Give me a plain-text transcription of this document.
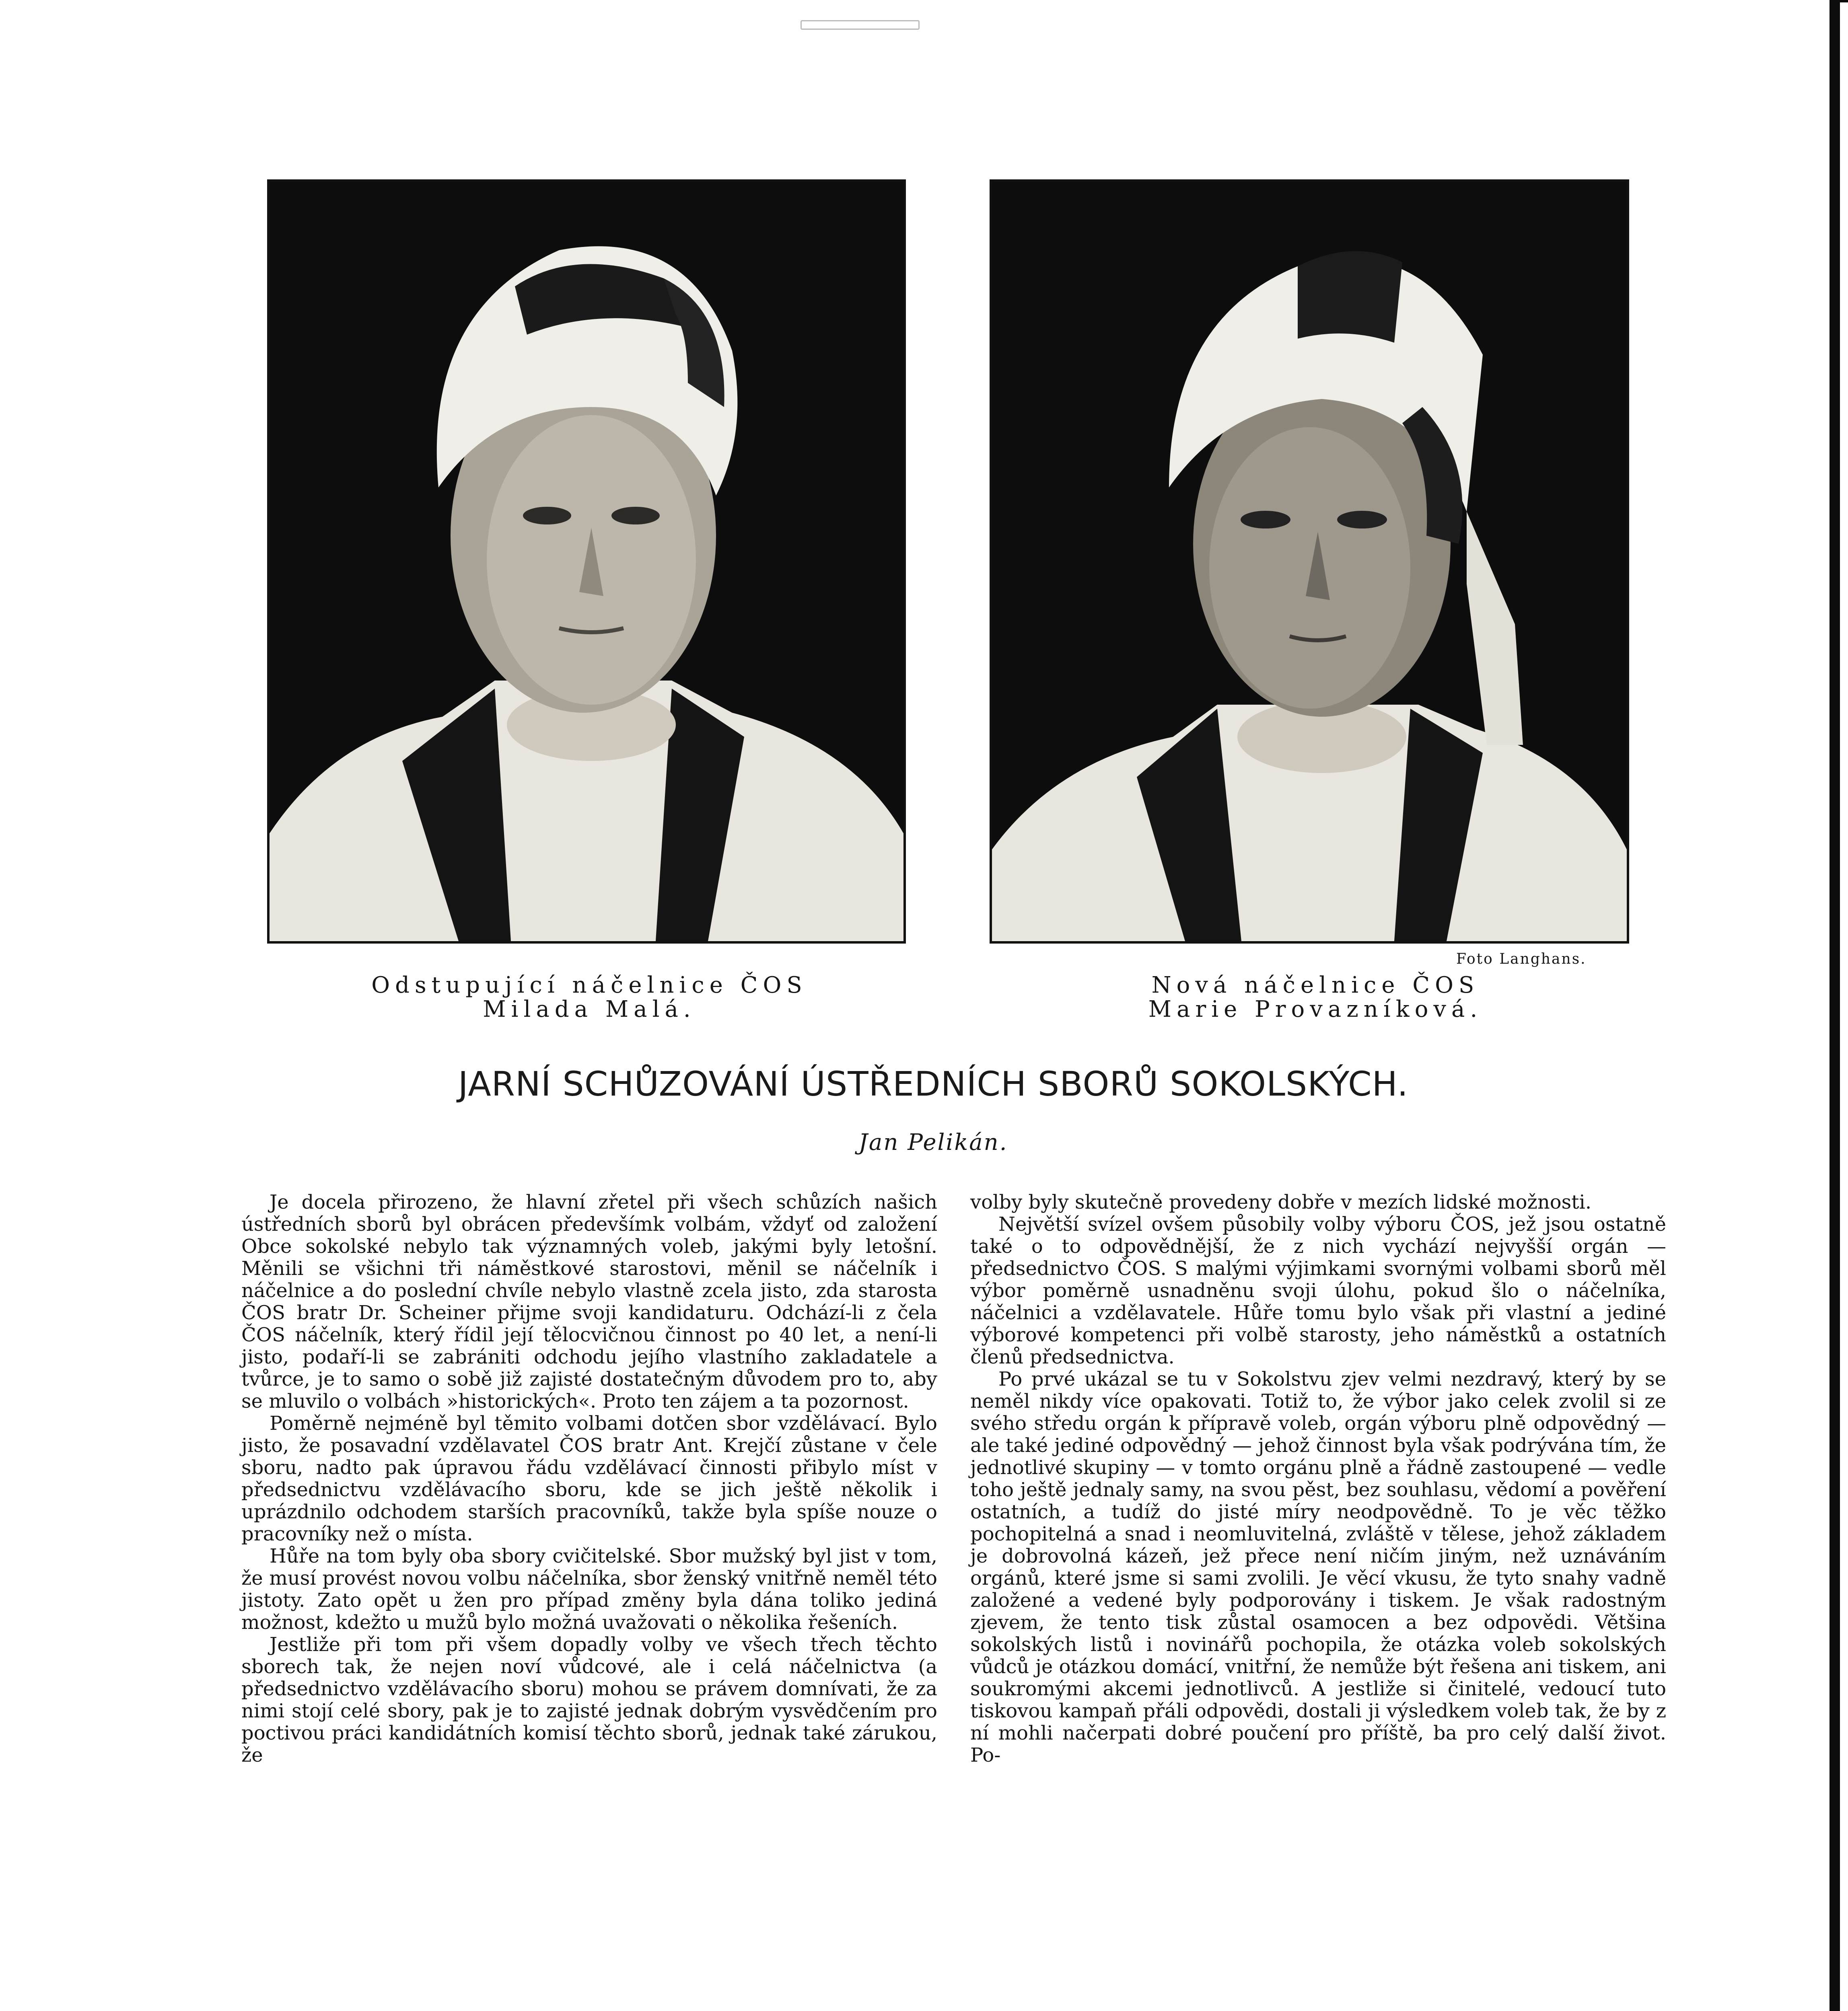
Foto Langhans.
Odstupující náčelnice ČOS
Milada Malá.
Nová náčelnice ČOS
Marie Provazníková.
JARNÍ SCHŮZOVÁNÍ ÚSTŘEDNÍCH SBORŮ SOKOLSKÝCH.
Jan Pelikán.

Je docela přirozeno, že hlavní zřetel při všech schůzích našich ústředních sborů byl obrácen předevšímk volbám, vždyť od založení Obce sokolské nebylo tak významných voleb, jakými byly letošní. Měnili se všichni tři náměstkové starostovi, měnil se náčelník i náčelnice a do poslední chvíle nebylo vlastně zcela jisto, zda starosta ČOS bratr Dr. Scheiner přijme svoji kandidaturu. Odchází-li z čela ČOS náčelník, který řídil její tělocvičnou činnost po 40 let, a není-li jisto, podaří-li se zabrániti odchodu jejího vlastního zakladatele a tvůrce, je to samo o sobě již zajisté dostatečným důvodem pro to, aby se mluvilo o volbách »historických«. Proto ten zájem a ta pozornost.

Poměrně nejméně byl těmito volbami dotčen sbor vzdělávací. Bylo jisto, že posavadní vzdělavatel ČOS bratr Ant. Krejčí zůstane v čele sboru, nadto pak úpravou řádu vzdělávací činnosti přibylo míst v předsednictvu vzdělávacího sboru, kde se jich ještě několik i uprázdnilo odchodem starších pracovníků, takže byla spíše nouze o pracovníky než o místa.

Hůře na tom byly oba sbory cvičitelské. Sbor mužský byl jist v tom, že musí provést novou volbu náčelníka, sbor ženský vnitřně neměl této jistoty. Zato opět u žen pro případ změny byla dána toliko jediná možnost, kdežto u mužů bylo možná uvažovati o několika řešeních.

Jestliže při tom při všem dopadly volby ve všech třech těchto sborech tak, že nejen noví vůdcové, ale i celá náčelnictva (a předsednictvo vzdělávacího sboru) mohou se právem domnívati, že za nimi stojí celé sbory, pak je to zajisté jednak dobrým vysvědčením pro poctivou práci kandidátních komisí těchto sborů, jednak také zárukou, že

volby byly skutečně provedeny dobře v mezích lidské možnosti.

Největší svízel ovšem působily volby výboru ČOS, jež jsou ostatně také o to odpovědnější, že z nich vychází nejvyšší orgán — předsednictvo ČOS. S malými výjimkami svornými volbami sborů měl výbor poměrně usnadněnu svoji úlohu, pokud šlo o náčelníka, náčelnici a vzdělavatele. Hůře tomu bylo však při vlastní a jediné výborové kompetenci při volbě starosty, jeho náměstků a ostatních členů předsednictva.

Po prvé ukázal se tu v Sokolstvu zjev velmi nezdravý, který by se neměl nikdy více opakovati. Totiž to, že výbor jako celek zvolil si ze svého středu orgán k přípravě voleb, orgán výboru plně odpovědný — ale také jediné odpovědný — jehož činnost byla však podrývána tím, že jednotlivé skupiny — v tomto orgánu plně a řádně zastoupené — vedle toho ještě jednaly samy, na svou pěst, bez souhlasu, vědomí a pověření ostatních, a tudíž do jisté míry neodpovědně. To je věc těžko pochopitelná a snad i neomluvitelná, zvláště v tělese, jehož základem je dobrovolná kázeň, jež přece není ničím jiným, než uznáváním orgánů, které jsme si sami zvolili. Je věcí vkusu, že tyto snahy vadně založené a vedené byly podporovány i tiskem. Je však radostným zjevem, že tento tisk zůstal osamocen a bez odpovědi. Většina sokolských listů i novinářů pochopila, že otázka voleb sokolských vůdců je otázkou domácí, vnitřní, že nemůže být řešena ani tiskem, ani soukromými akcemi jednotlivců. A jestliže si činitelé, vedoucí tuto tiskovou kampaň přáli odpovědi, dostali ji výsledkem voleb tak, že by z ní mohli načerpati dobré poučení pro příště, ba pro celý další život. Po-
